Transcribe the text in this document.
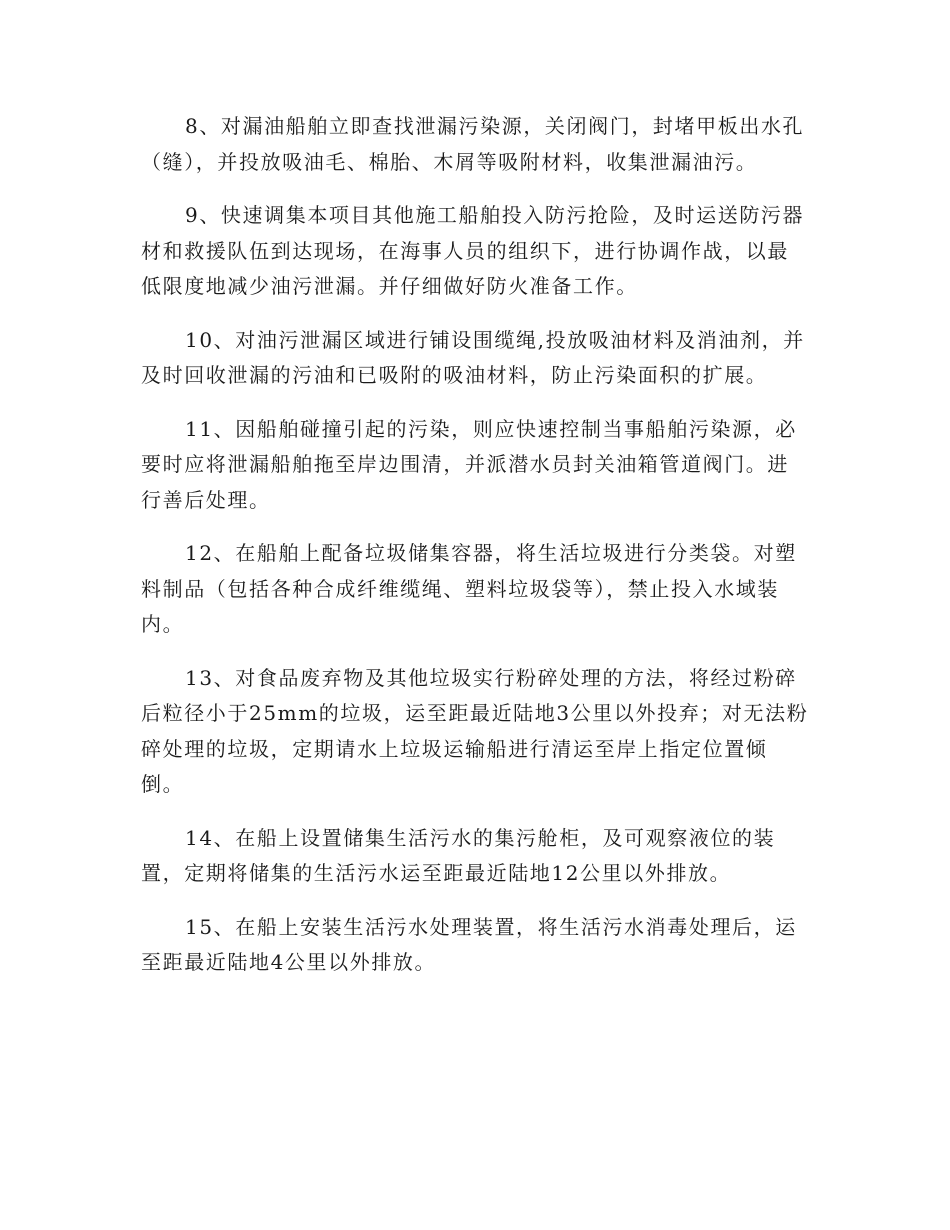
8、对漏油船舶立即查找泄漏污染源，关闭阀门，封堵甲板出水孔（缝），并投放吸油毛、棉胎、木屑等吸附材料，收集泄漏油污。

9、快速调集本项目其他施工船舶投入防污抢险，及时运送防污器材和救援队伍到达现场，在海事人员的组织下，进行协调作战，以最低限度地减少油污泄漏。并仔细做好防火准备工作。

10、对油污泄漏区域进行铺设围缆绳,投放吸油材料及消油剂，并及时回收泄漏的污油和已吸附的吸油材料，防止污染面积的扩展。

11、因船舶碰撞引起的污染，则应快速控制当事船舶污染源，必要时应将泄漏船舶拖至岸边围清，并派潜水员封关油箱管道阀门。进行善后处理。

12、在船舶上配备垃圾储集容器，将生活垃圾进行分类袋。对塑料制品（包括各种合成纤维缆绳、塑料垃圾袋等），禁止投入水域装内。

13、对食品废弃物及其他垃圾实行粉碎处理的方法，将经过粉碎后粒径小于25mm的垃圾，运至距最近陆地3公里以外投弃；对无法粉碎处理的垃圾，定期请水上垃圾运输船进行清运至岸上指定位置倾倒。

14、在船上设置储集生活污水的集污舱柜，及可观察液位的装置，定期将储集的生活污水运至距最近陆地12公里以外排放。

15、在船上安装生活污水处理装置，将生活污水消毒处理后，运至距最近陆地4公里以外排放。
